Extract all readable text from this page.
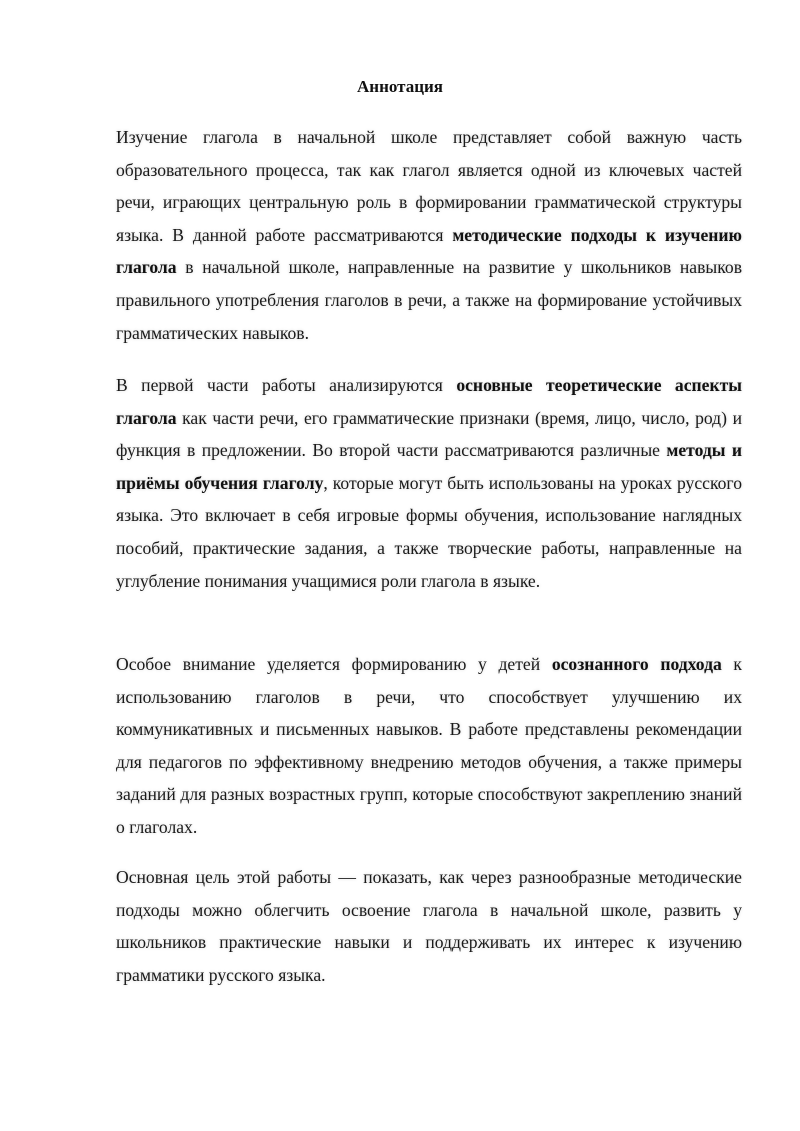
Аннотация

Изучение глагола в начальной школе представляет собой важную часть образовательного процесса, так как глагол является одной из ключевых частей речи, играющих центральную роль в формировании грамматической структуры языка. В данной работе рассматриваются методические подходы к изучению глагола в начальной школе, направленные на развитие у школьников навыков правильного употребления глаголов в речи, а также на формирование устойчивых грамматических навыков.

В первой части работы анализируются основные теоретические аспекты глагола как части речи, его грамматические признаки (время, лицо, число, род) и функция в предложении. Во второй части рассматриваются различные методы и приёмы обучения глаголу, которые могут быть использованы на уроках русского языка. Это включает в себя игровые формы обучения, использование наглядных пособий, практические задания, а также творческие работы, направленные на углубление понимания учащимися роли глагола в языке.

Особое внимание уделяется формированию у детей осознанного подхода к использованию глаголов в речи, что способствует улучшению их коммуникативных и письменных навыков. В работе представлены рекомендации для педагогов по эффективному внедрению методов обучения, а также примеры заданий для разных возрастных групп, которые способствуют закреплению знаний о глаголах.

Основная цель этой работы — показать, как через разнообразные методические подходы можно облегчить освоение глагола в начальной школе, развить у школьников практические навыки и поддерживать их интерес к изучению грамматики русского языка.
